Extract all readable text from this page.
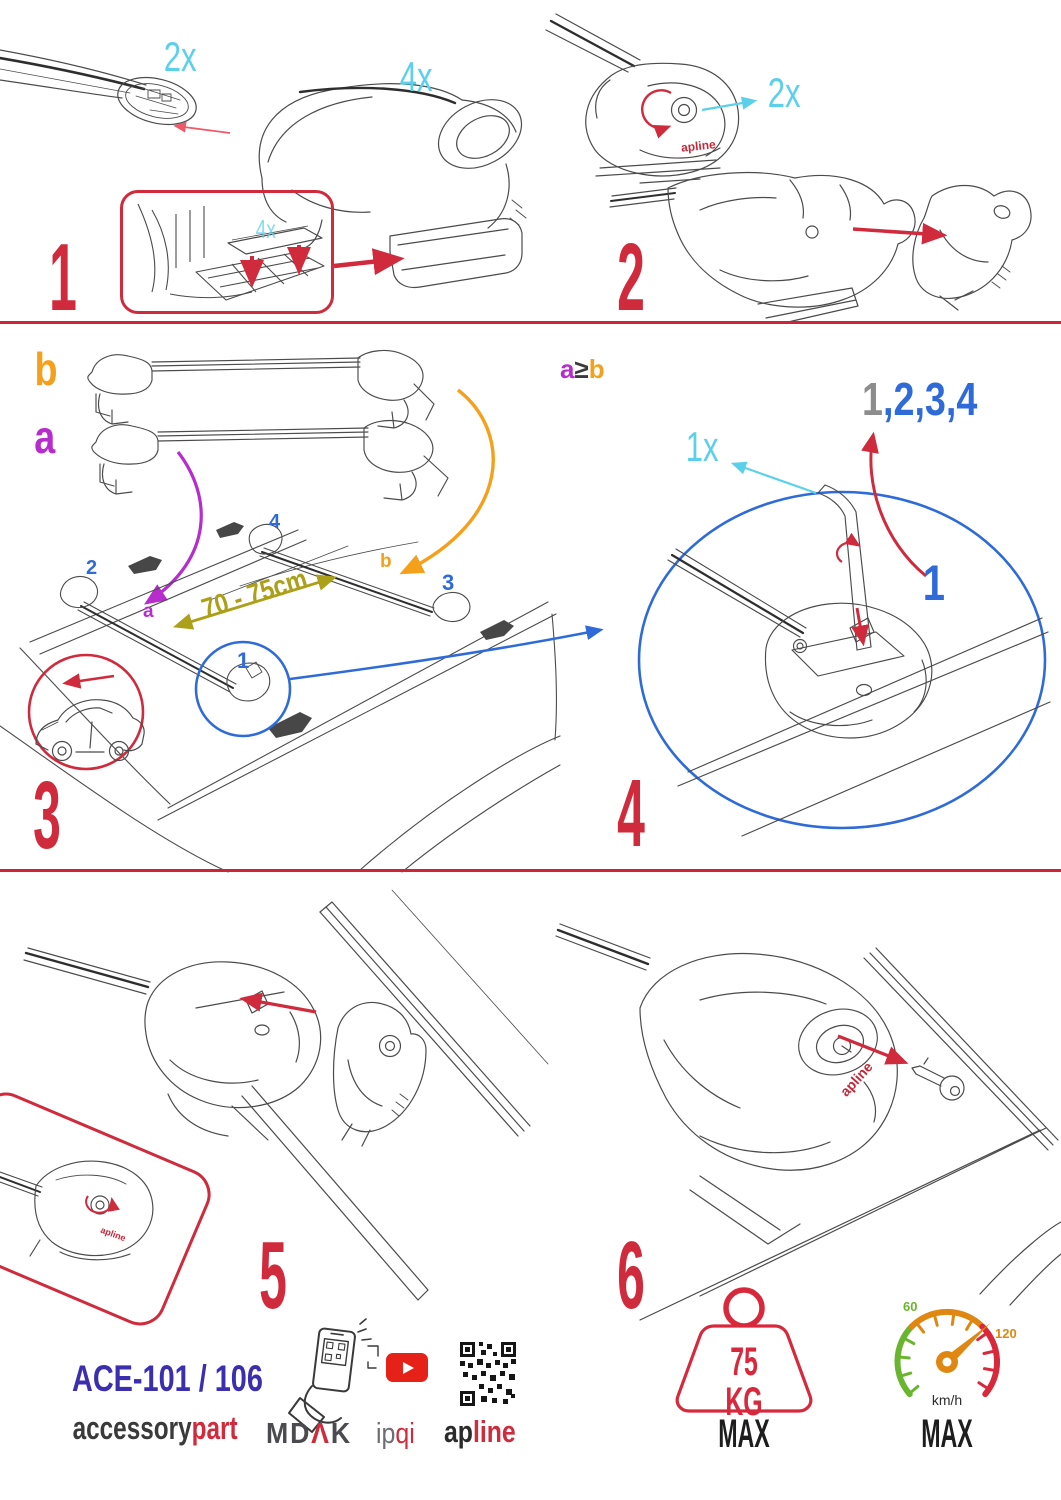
1	2
3	4
5	6
2x	4x
4x
2x
1x
b
a
a
b
2
4
3
1
70 - 75cm
a≥b
1,2,3,4
1
apline
apline
apline
ACE-101 / 106
accessorypart MDΛK ipqi apline
75 KG
MAX
60
120
km/h
MAX
